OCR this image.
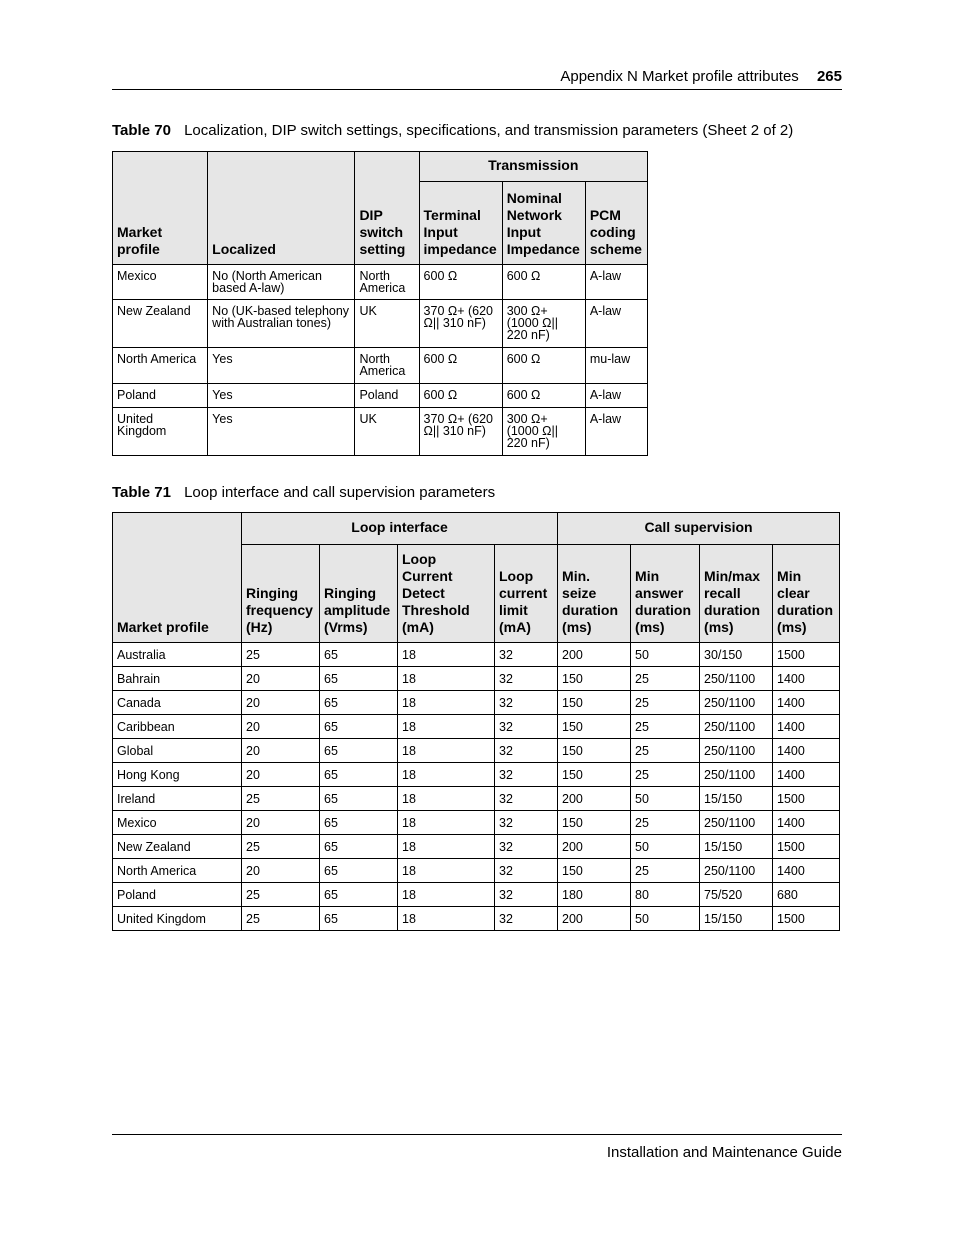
Appendix N Market profile attributes 265
Table 70 Localization, DIP switch settings, specifications, and transmission parameters (Sheet 2 of 2)
Market profile	Localized	DIP switch setting	Transmission		
			Terminal Input impedance	Nominal Network Input Impedance	PCM coding scheme
Mexico	No (North American based A-law)	North America	600 Ω	600 Ω	A-law
New Zealand	No (UK-based telephony with Australian tones)	UK	370 Ω+ (620 Ω|| 310 nF)	300 Ω+ (1000 Ω|| 220 nF)	A-law
North America	Yes	North America	600 Ω	600 Ω	mu-law
Poland	Yes	Poland	600 Ω	600 Ω	A-law
United Kingdom	Yes	UK	370 Ω+ (620 Ω|| 310 nF)	300 Ω+ (1000 Ω|| 220 nF)	A-law
Table 71 Loop interface and call supervision parameters
Market profile	Loop interface				Call supervision			
	Ringing frequency (Hz)	Ringing amplitude (Vrms)	Loop Current Detect Threshold (mA)	Loop current limit (mA)	Min. seize duration (ms)	Min answer duration (ms)	Min/max recall duration (ms)	Min clear duration (ms)
Australia	25	65	18	32	200	50	30/150	1500
Bahrain	20	65	18	32	150	25	250/1100	1400
Canada	20	65	18	32	150	25	250/1100	1400
Caribbean	20	65	18	32	150	25	250/1100	1400
Global	20	65	18	32	150	25	250/1100	1400
Hong Kong	20	65	18	32	150	25	250/1100	1400
Ireland	25	65	18	32	200	50	15/150	1500
Mexico	20	65	18	32	150	25	250/1100	1400
New Zealand	25	65	18	32	200	50	15/150	1500
North America	20	65	18	32	150	25	250/1100	1400
Poland	25	65	18	32	180	80	75/520	680
United Kingdom	25	65	18	32	200	50	15/150	1500
Installation and Maintenance Guide
